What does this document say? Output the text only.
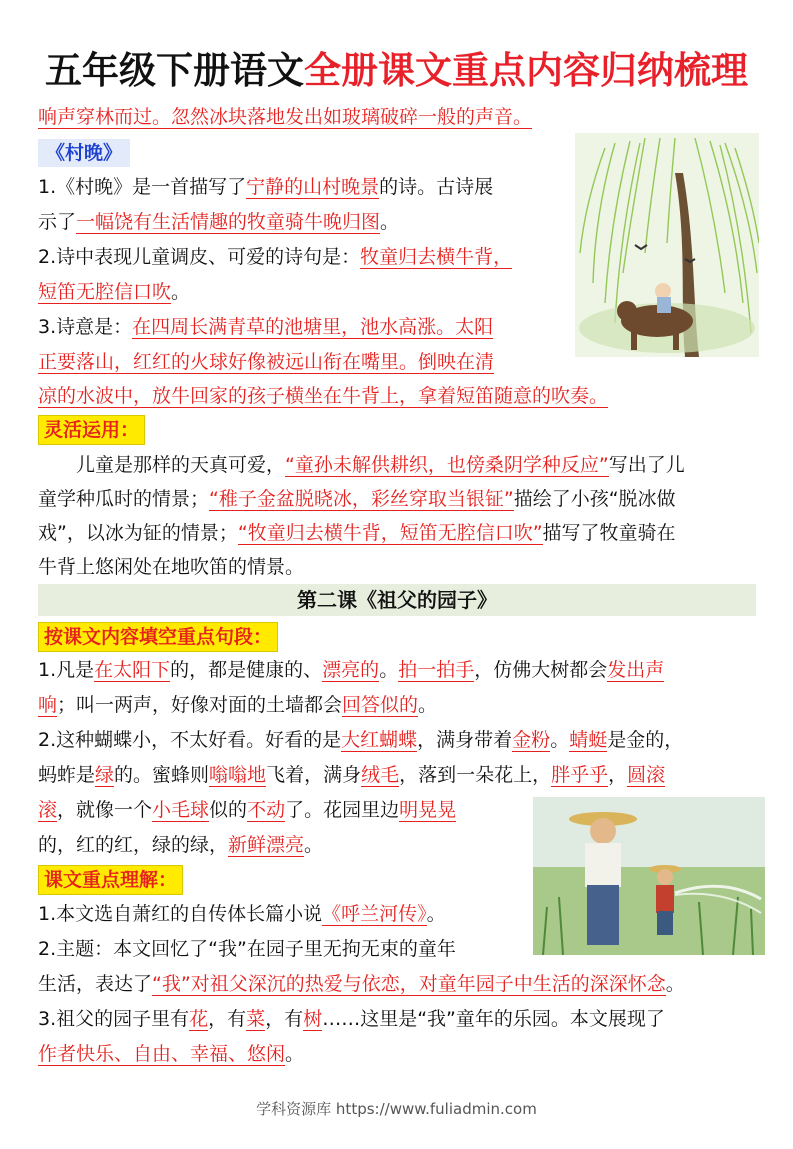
五年级下册语文全册课文重点内容归纳梳理
响声穿林而过。忽然冰块落地发出如玻璃破碎一般的声音。
《村晚》
1.《村晚》是一首描写了宁静的山村晚景的诗。古诗展
示了一幅饶有生活情趣的牧童骑牛晚归图。
2.诗中表现儿童调皮、可爱的诗句是：牧童归去横牛背，
短笛无腔信口吹。
3.诗意是：在四周长满青草的池塘里，池水高涨。太阳
正要落山，红红的火球好像被远山衔在嘴里。倒映在清
凉的水波中，放牛回家的孩子横坐在牛背上，拿着短笛随意的吹奏。
灵活运用：
儿童是那样的天真可爱，“童孙未解供耕织，也傍桑阴学种反应”写出了儿
童学种瓜时的情景；“稚子金盆脱晓冰，彩丝穿取当银钲”描绘了小孩“脱冰做
戏”，以冰为钲的情景；“牧童归去横牛背，短笛无腔信口吹”描写了牧童骑在
牛背上悠闲处在地吹笛的情景。
第二课《祖父的园子》
按课文内容填空重点句段：
1.凡是在太阳下的，都是健康的、漂亮的。拍一拍手，仿佛大树都会发出声
响；叫一两声，好像对面的土墙都会回答似的。
2.这种蝴蝶小，不太好看。好看的是大红蝴蝶，满身带着金粉。蜻蜓是金的，
蚂蚱是绿的。蜜蜂则嗡嗡地飞着，满身绒毛，落到一朵花上，胖乎乎，圆滚
滚，就像一个小毛球似的不动了。花园里边明晃晃
的，红的红，绿的绿，新鲜漂亮。
课文重点理解：
1.本文选自萧红的自传体长篇小说《呼兰河传》。
2.主题：本文回忆了“我”在园子里无拘无束的童年
生活，表达了“我”对祖父深沉的热爱与依恋，对童年园子中生活的深深怀念。
3.祖父的园子里有花，有菜，有树……这里是“我”童年的乐园。本文展现了
作者快乐、自由、幸福、悠闲。
学科资源库 https://www.fuliadmin.com
